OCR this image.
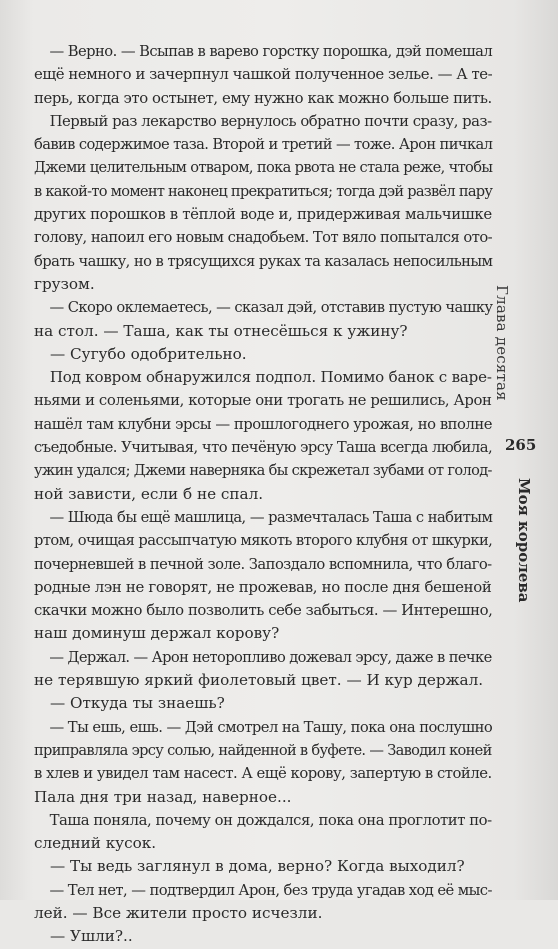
— Верно. — Всыпав в варево горстку порошка, дэй помешал
ещё немного и зачерпнул чашкой полученное зелье. — А те-
перь, когда это остынет, ему нужно как можно больше пить.
Первый раз лекарство вернулось обратно почти сразу, раз-
бавив содержимое таза. Второй и третий — тоже. Арон пичкал
Джеми целительным отваром, пока рвота не стала реже, чтобы
в какой-то момент наконец прекратиться; тогда дэй развёл пару
других порошков в тёплой воде и, придерживая мальчишке
голову, напоил его новым снадобьем. Тот вяло попытался ото-
брать чашку, но в трясущихся руках та казалась непосильным
грузом.
— Скоро оклемаетесь, — сказал дэй, отставив пустую чашку
на стол. — Таша, как ты отнесёшься к ужину?
— Сугубо одобрительно.
Под ковром обнаружился подпол. Помимо банок с варе-
ньями и соленьями, которые они трогать не решились, Арон
нашёл там клубни эрсы — прошлогоднего урожая, но вполне
съедобные. Учитывая, что печёную эрсу Таша всегда любила,
ужин удался; Джеми наверняка бы скрежетал зубами от голод-
ной зависти, если б не спал.
— Шюда бы ещё машлица, — размечталась Таша с набитым
ртом, очищая рассыпчатую мякоть второго клубня от шкурки,
почерневшей в печной золе. Запоздало вспомнила, что благо-
родные лэн не говорят, не прожевав, но после дня бешеной
скачки можно было позволить себе забыться. — Интерешно,
наш доминуш держал корову?
— Держал. — Арон неторопливо дожевал эрсу, даже в печке
не терявшую яркий фиолетовый цвет. — И кур держал.
— Откуда ты знаешь?
— Ты ешь, ешь. — Дэй смотрел на Ташу, пока она послушно
приправляла эрсу солью, найденной в буфете. — Заводил коней
в хлев и увидел там насест. А ещё корову, запертую в стойле.
Пала дня три назад, наверное...
Таша поняла, почему он дождался, пока она проглотит по-
следний кусок.
— Ты ведь заглянул в дома, верно? Когда выходил?
— Тел нет, — подтвердил Арон, без труда угадав ход её мыс-
лей. — Все жители просто исчезли.
— Ушли?..
Глава десятая
265
Моя королева
